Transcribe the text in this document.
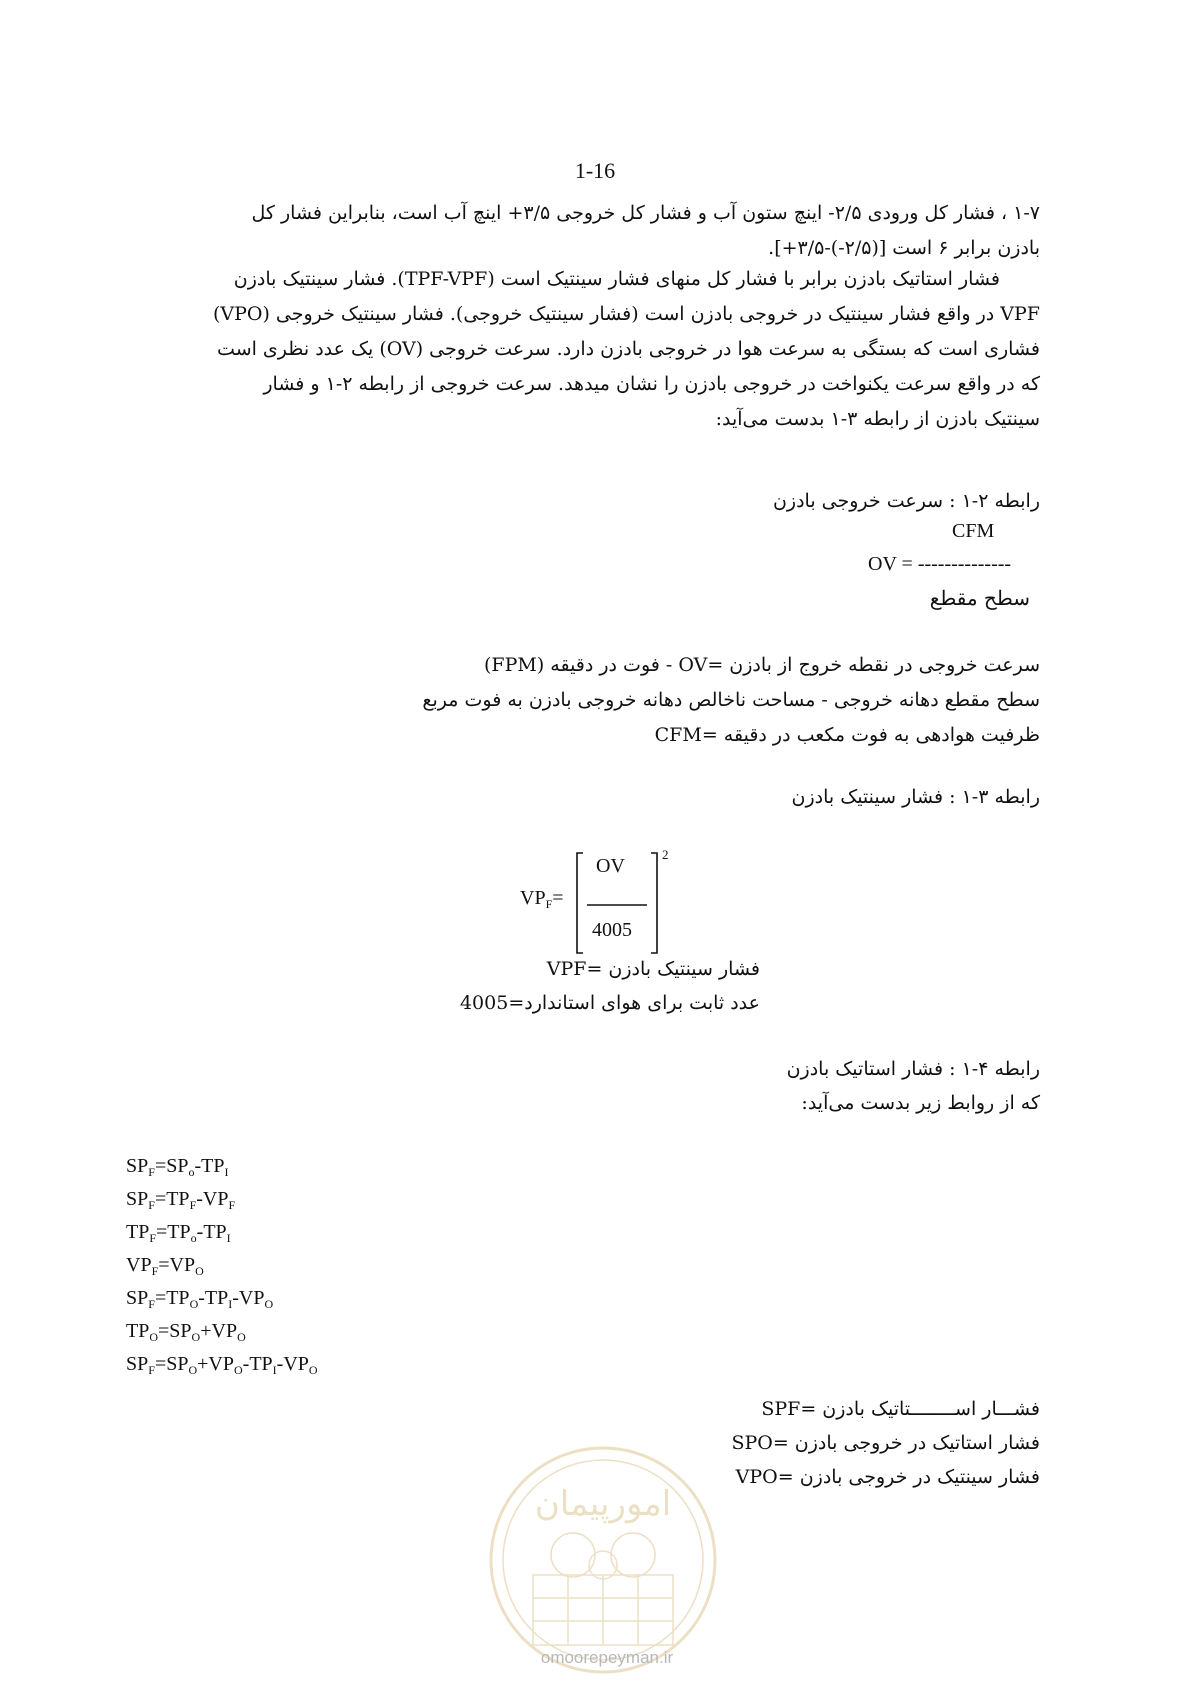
1-16
۱-۷ ، فشار کل ورودی ۲/۵- اینچ ستون آب و فشار کل خروجی ۳/۵+ اینچ آب است، بنابراین فشار کل
بادزن برابر ۶ است [(۲/۵-)-۳/۵+].
فشار استاتیک بادزن برابر با فشار کل منهای فشار سینتیک است (TPF-VPF). فشار سینتیک بادزن
VPF در واقع فشار سینتیک در خروجی بادزن است (فشار سینتیک خروجی). فشار سینتیک خروجی (VPO)
فشاری است که بستگی به سرعت هوا در خروجی بادزن دارد. سرعت خروجی (OV) یک عدد نظری است
که در واقع سرعت یکنواخت در خروجی بادزن را نشان میدهد. سرعت خروجی از رابطه ۲-۱ و فشار
سینتیک بادزن از رابطه ۳-۱ بدست می‌آید:
رابطه ۲-۱ : سرعت خروجی بادزن
CFM
OV = --------------
سطح مقطع
سرعت خروجی در نقطه خروج از بادزن =OV - فوت در دقیقه (FPM)
سطح مقطع دهانه خروجی - مساحت ناخالص دهانه خروجی بادزن به فوت مربع
ظرفیت هوادهی به فوت مکعب در دقیقه =CFM
رابطه ۳-۱ : فشار سینتیک بادزن
$VP_F=$
OV
4005
2
فشار سینتیک بادزن =VPF
عدد ثابت برای هوای استاندارد=4005
رابطه ۴-۱ : فشار استاتیک بادزن
که از روابط زیر بدست می‌آید:
$SP_F=SP_o-TP_I$
$SP_F=TP_F-VP_F$
$TP_F=TP_o-TP_I$
$VP_F=VP_O$
$SP_F=TP_O-TP_I-VP_O$
$TP_O=SP_O+VP_O$
$SP_F=SP_O+VP_O-TP_I-VP_O$
فشـــار اســــــــتاتیک بادزن =SPF
فشار استاتیک در خروجی بادزن =SPO
فشار سینتیک در خروجی بادزن =VPO
امورپیمان
omoorepeyman.ir
